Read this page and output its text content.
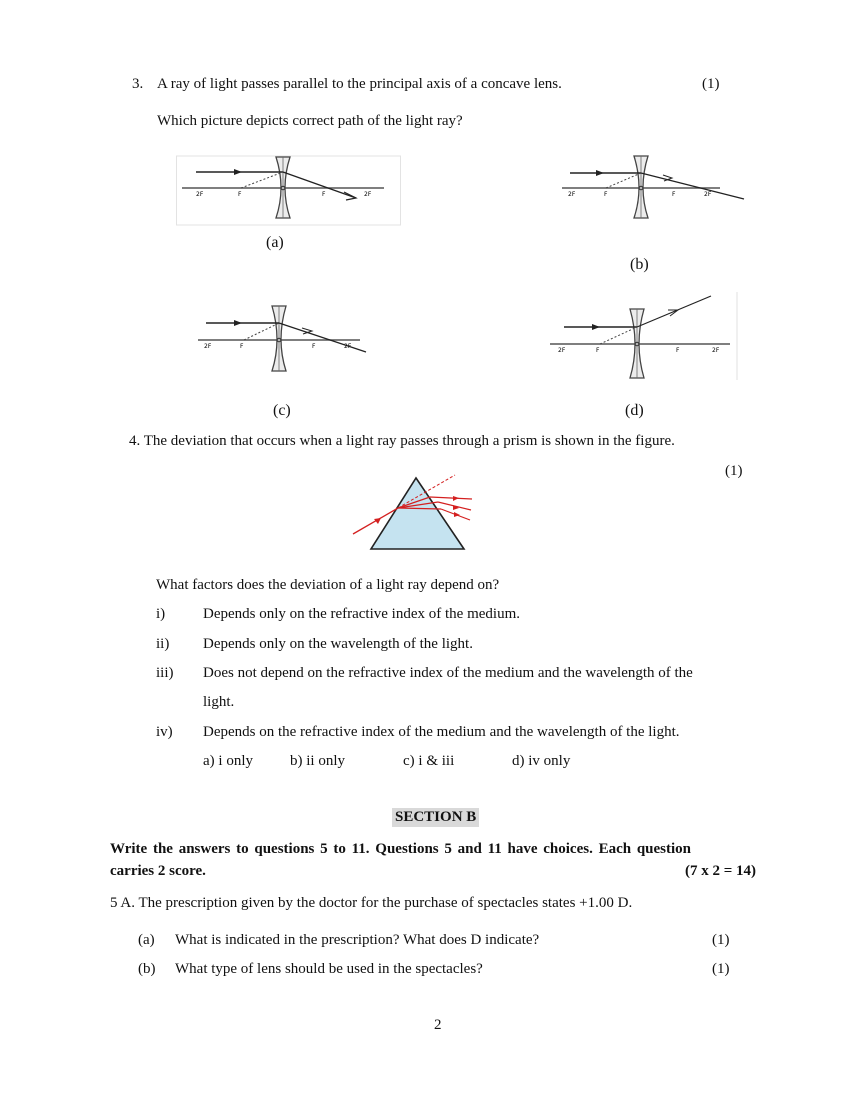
3. A ray of light passes parallel to the principal axis of a concave lens.	(1)
Which picture depicts correct path of the light ray?
2F	F	F	2F
(a)
2F	F	F	2F
(b)
2F	F	F	2F
(c)
2F	F	F	2F
(d)
4. The deviation that occurs when a light ray passes through a prism is shown in the figure.
(1)
What factors does the deviation of a light ray depend on?
i)	Depends only on the refractive index of the medium.
ii) Depends only on the wavelength of the light.
iii) Does not depend on the refractive index of the medium and the wavelength of the
light.
iv) Depends on the refractive index of the medium and the wavelength of the light.
a) i only b) ii only	c) i & iii	d) iv only
SECTION B
Write the answers to questions 5 to 11. Questions 5 and 11 have choices. Each question
carries 2 score.	(7 x 2 = 14)
5 A. The prescription given by the doctor for the purchase of spectacles states +1.00 D.
(a) What is indicated in the prescription? What does D indicate?	(1)
(b) What type of lens should be used in the spectacles?	(1)
2
